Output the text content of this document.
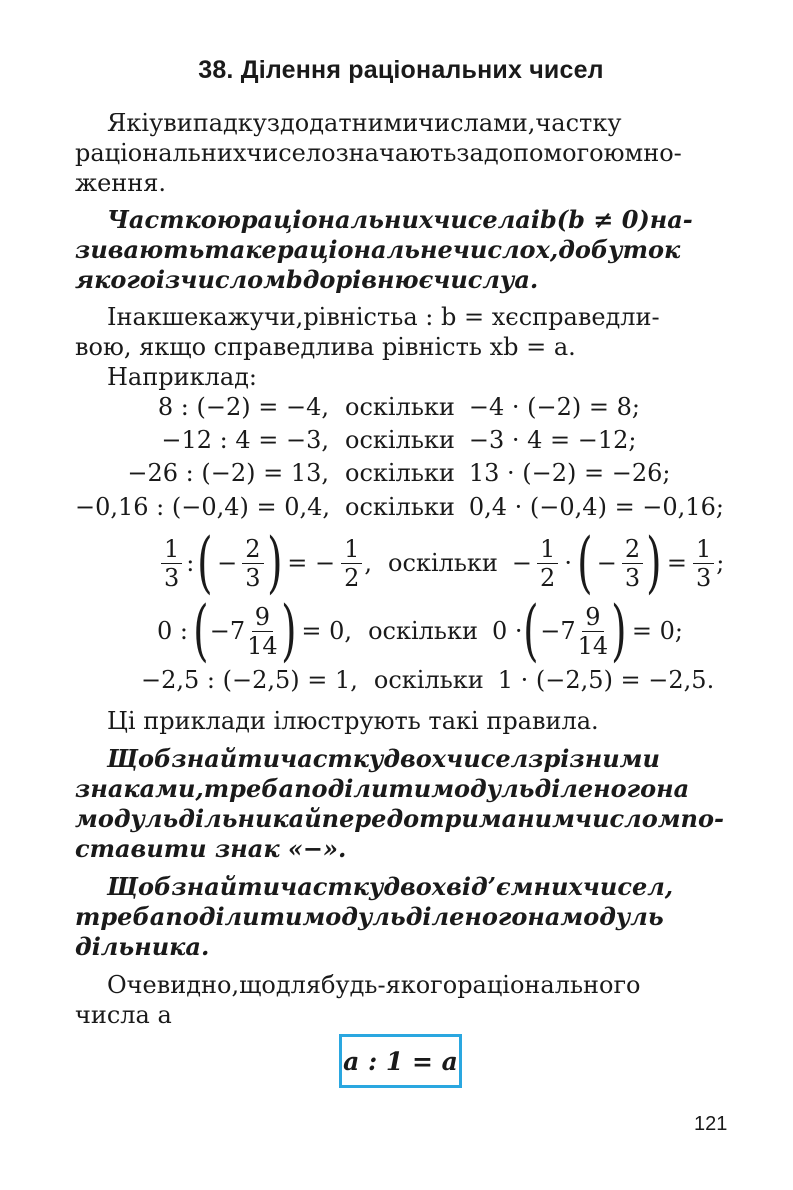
38. Ділення раціональних чисел
Якіувипадкуздодатнимичислами,частку
раціональнихчиселозначаютьзадопомогоюмно-
ження.
Часткоюраціональнихчиселaіb(b ≠ 0)на-
зиваютьтакераціональнечислоx,добуток
якогоізчисломbдорівнюєчислуa.
Інакшекажучи,рівністьa : b = xєсправедли-
вою, якщо справедлива рівність xb = a.
Наприклад:
8 : (−2) = −4, оскільки −4 · (−2) = 8;
−12 : 4 = −3, оскільки −3 · 4 = −12;
−26 : (−2) = 13, оскільки 13 · (−2) = −26;
−0,16 : (−0,4) = 0,4, оскільки 0,4 · (−0,4) = −0,16;
$\frac{1}{3}$ : ( − $\frac{2}{3}$ ) = − $\frac{1}{2}$ , оскільки − $\frac{1}{2}$ · ( − $\frac{2}{3}$ ) = $\frac{1}{3}$ ;
0 : ( $-7 \frac{9}{14}$ ) = 0, оскільки 0 · ( $-7 \frac{9}{14}$ ) = 0;
−2,5 : (−2,5) = 1, оскільки 1 · (−2,5) = −2,5.
Ці приклади ілюструють такі правила.
Щобзнайтичасткудвохчиселзрізними
знаками,требаподілитимодульділеногона
модульдільникайпередотриманимчисломпо-
ставити знак «−».
Щобзнайтичасткудвохвід’ємнихчисел,
требаподілитимодульділеногонамодуль
дільника.
Очевидно,щодлябудь-якогораціонального
числа a
a : 1 = a
121
